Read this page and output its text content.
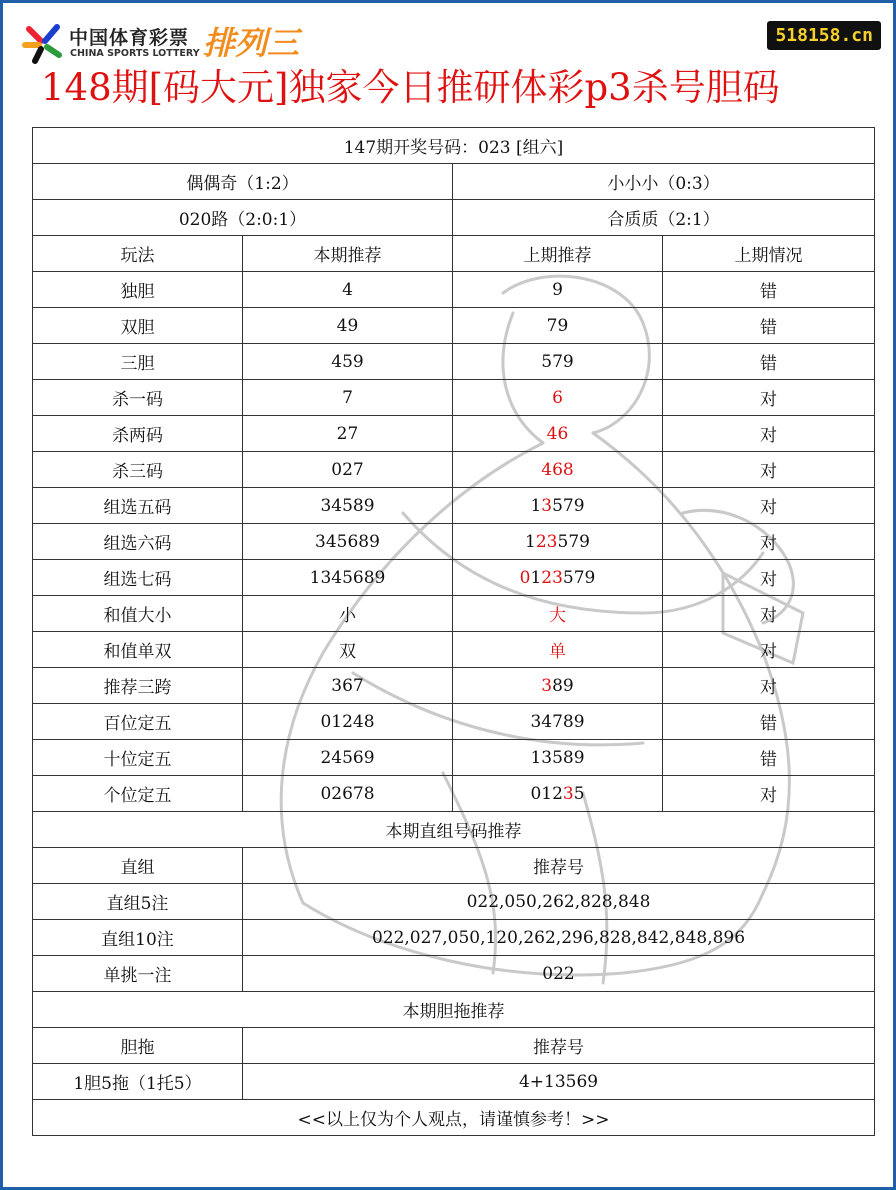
中国体育彩票
CHINA SPORTS LOTTERY 排列三	518158.cn
148期[码大元]独家今日推研体彩p3杀号胆码
147期开奖号码：023 [组六]			
偶偶奇（1:2）		小小小（0:3）	
020路（2:0:1）		合质质（2:1）	
玩法	本期推荐	上期推荐	上期情况
独胆	4	9	错
双胆	49	79	错
三胆	459	579	错
杀一码	7	6	对
杀两码	27	46	对
杀三码	027	468	对
组选五码	34589	13579	对
组选六码	345689	123579	对
组选七码	1345689	0123579	对
和值大小	小	大	对
和值单双	双	单	对
推荐三跨	367	389	对
百位定五	01248	34789	错
十位定五	24569	13589	错
个位定五	02678	01235	对
本期直组号码推荐			
直组	推荐号		
直组5注	022,050,262,828,848		
直组10注	022,027,050,120,262,296,828,842,848,896		
单挑一注	022		
本期胆拖推荐			
胆拖	推荐号		
1胆5拖（1托5）	4+13569		
<<以上仅为个人观点，请谨慎参考！>>			
